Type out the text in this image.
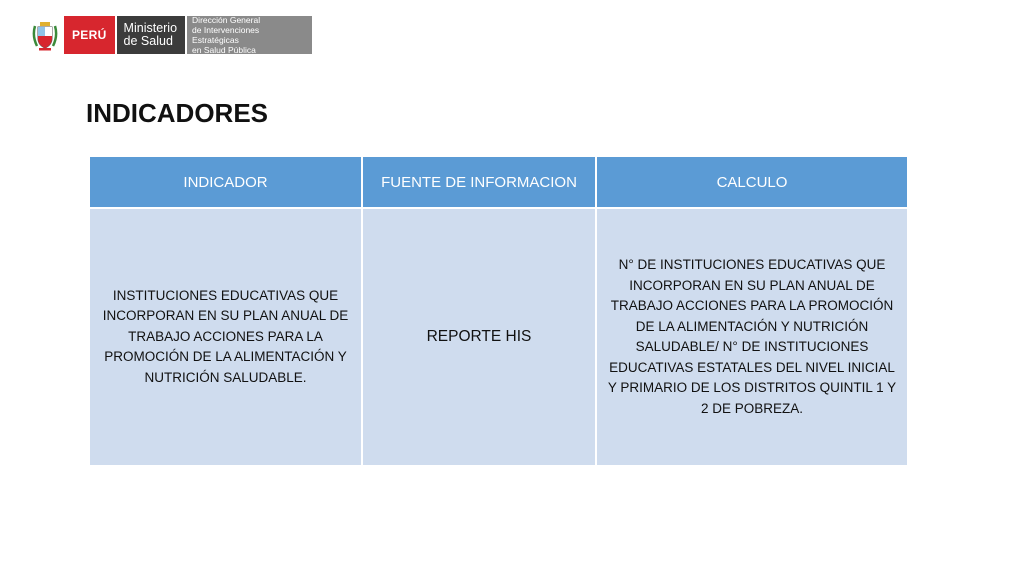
PERÚ	Ministerio
de Salud
Dirección General
de Intervenciones Estratégicas
en Salud Pública
INDICADORES
INDICADOR	FUENTE DE INFORMACION	CALCULO
INSTITUCIONES EDUCATIVAS QUE INCORPORAN EN SU PLAN ANUAL DE TRABAJO ACCIONES PARA LA PROMOCIÓN DE LA ALIMENTACIÓN Y NUTRICIÓN SALUDABLE.	REPORTE HIS	N° DE INSTITUCIONES EDUCATIVAS QUE INCORPORAN EN SU PLAN ANUAL DE TRABAJO ACCIONES PARA LA PROMOCIÓN DE LA ALIMENTACIÓN Y NUTRICIÓN SALUDABLE/ N° DE INSTITUCIONES EDUCATIVAS ESTATALES DEL NIVEL INICIAL Y PRIMARIO DE LOS DISTRITOS QUINTIL 1 Y 2 DE POBREZA.
